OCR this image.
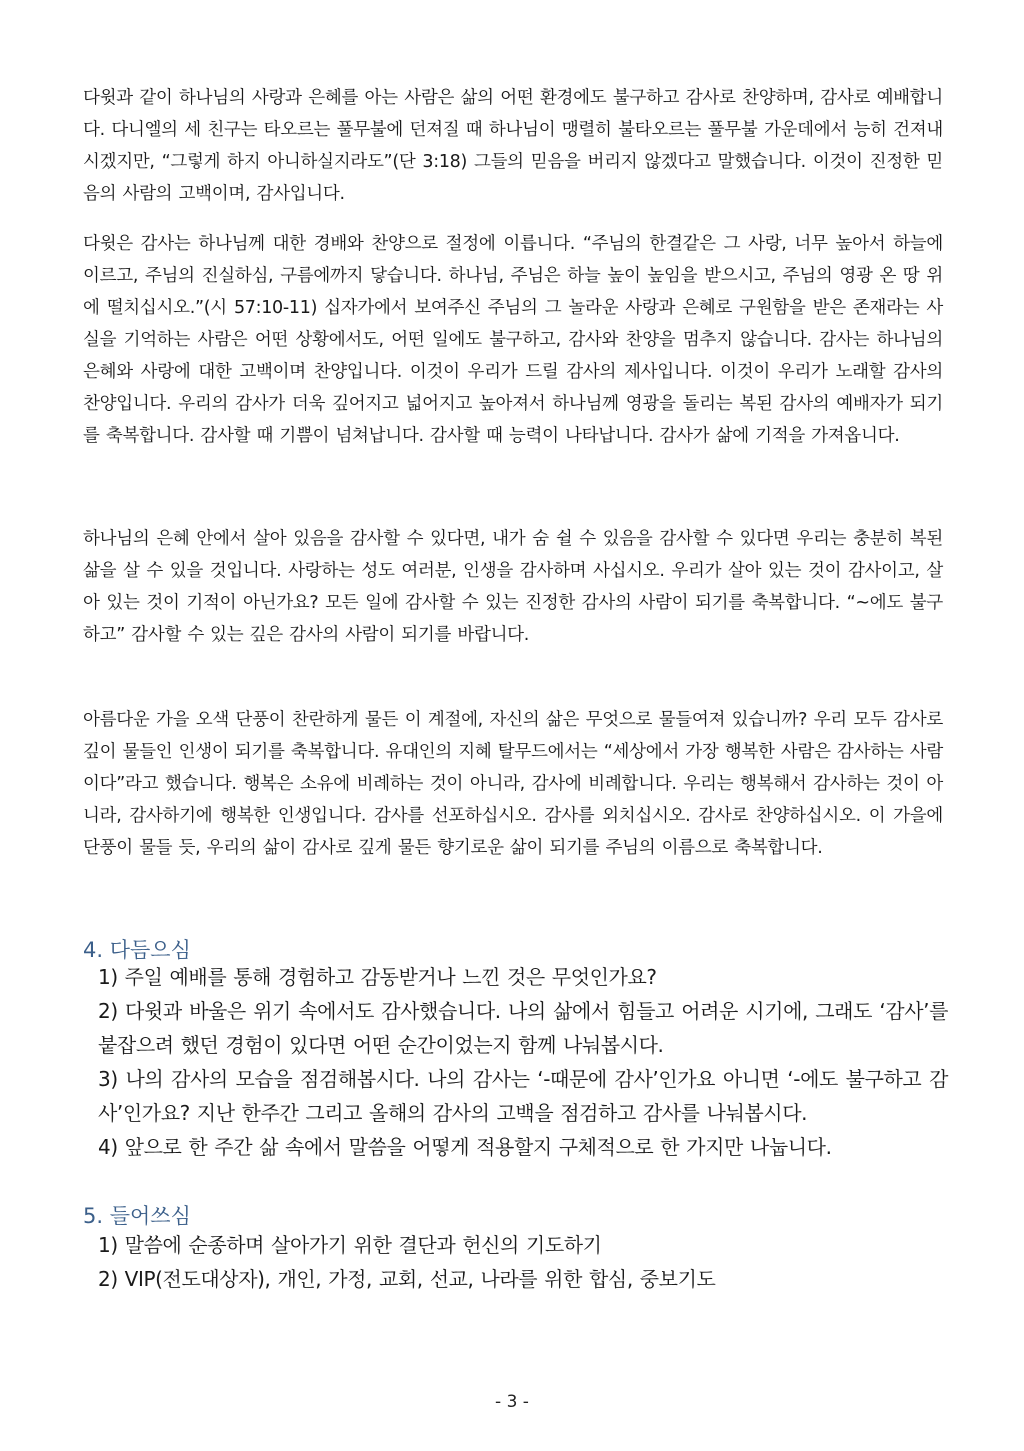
다윗과 같이 하나님의 사랑과 은혜를 아는 사람은 삶의 어떤 환경에도 불구하고 감사로 찬양하며, 감사로 예배합니다. 다니엘의 세 친구는 타오르는 풀무불에 던져질 때 하나님이 맹렬히 불타오르는 풀무불 가운데에서 능히 건져내시겠지만, “그렇게 하지 아니하실지라도”(단 3:18) 그들의 믿음을 버리지 않겠다고 말했습니다. 이것이 진정한 믿음의 사람의 고백이며, 감사입니다.

다윗은 감사는 하나님께 대한 경배와 찬양으로 절정에 이릅니다. “주님의 한결같은 그 사랑, 너무 높아서 하늘에 이르고, 주님의 진실하심, 구름에까지 닿습니다. 하나님, 주님은 하늘 높이 높임을 받으시고, 주님의 영광 온 땅 위에 떨치십시오.”(시 57:10-11) 십자가에서 보여주신 주님의 그 놀라운 사랑과 은혜로 구원함을 받은 존재라는 사실을 기억하는 사람은 어떤 상황에서도, 어떤 일에도 불구하고, 감사와 찬양을 멈추지 않습니다. 감사는 하나님의 은혜와 사랑에 대한 고백이며 찬양입니다. 이것이 우리가 드릴 감사의 제사입니다. 이것이 우리가 노래할 감사의 찬양입니다. 우리의 감사가 더욱 깊어지고 넓어지고 높아져서 하나님께 영광을 돌리는 복된 감사의 예배자가 되기를 축복합니다. 감사할 때 기쁨이 넘쳐납니다. 감사할 때 능력이 나타납니다. 감사가 삶에 기적을 가져옵니다.

하나님의 은혜 안에서 살아 있음을 감사할 수 있다면, 내가 숨 쉴 수 있음을 감사할 수 있다면 우리는 충분히 복된 삶을 살 수 있을 것입니다. 사랑하는 성도 여러분, 인생을 감사하며 사십시오. 우리가 살아 있는 것이 감사이고, 살아 있는 것이 기적이 아닌가요? 모든 일에 감사할 수 있는 진정한 감사의 사람이 되기를 축복합니다. “~에도 불구하고” 감사할 수 있는 깊은 감사의 사람이 되기를 바랍니다.

아름다운 가을 오색 단풍이 찬란하게 물든 이 계절에, 자신의 삶은 무엇으로 물들여져 있습니까? 우리 모두 감사로 깊이 물들인 인생이 되기를 축복합니다. 유대인의 지혜 탈무드에서는 “세상에서 가장 행복한 사람은 감사하는 사람이다”라고 했습니다. 행복은 소유에 비례하는 것이 아니라, 감사에 비례합니다. 우리는 행복해서 감사하는 것이 아니라, 감사하기에 행복한 인생입니다. 감사를 선포하십시오. 감사를 외치십시오. 감사로 찬양하십시오. 이 가을에 단풍이 물들 듯, 우리의 삶이 감사로 깊게 물든 향기로운 삶이 되기를 주님의 이름으로 축복합니다.

4. 다듬으심
1) 주일 예배를 통해 경험하고 감동받거나 느낀 것은 무엇인가요?
2) 다윗과 바울은 위기 속에서도 감사했습니다. 나의 삶에서 힘들고 어려운 시기에, 그래도 ‘감사’를 붙잡으려 했던 경험이 있다면 어떤 순간이었는지 함께 나눠봅시다.
3) 나의 감사의 모습을 점검해봅시다. 나의 감사는 ‘-때문에 감사’인가요 아니면 ‘-에도 불구하고 감사’인가요? 지난 한주간 그리고 올해의 감사의 고백을 점검하고 감사를 나눠봅시다.
4) 앞으로 한 주간 삶 속에서 말씀을 어떻게 적용할지 구체적으로 한 가지만 나눕니다.
5. 들어쓰심
1) 말씀에 순종하며 살아가기 위한 결단과 헌신의 기도하기
2) VIP(전도대상자), 개인, 가정, 교회, 선교, 나라를 위한 합심, 중보기도
- 3 -
